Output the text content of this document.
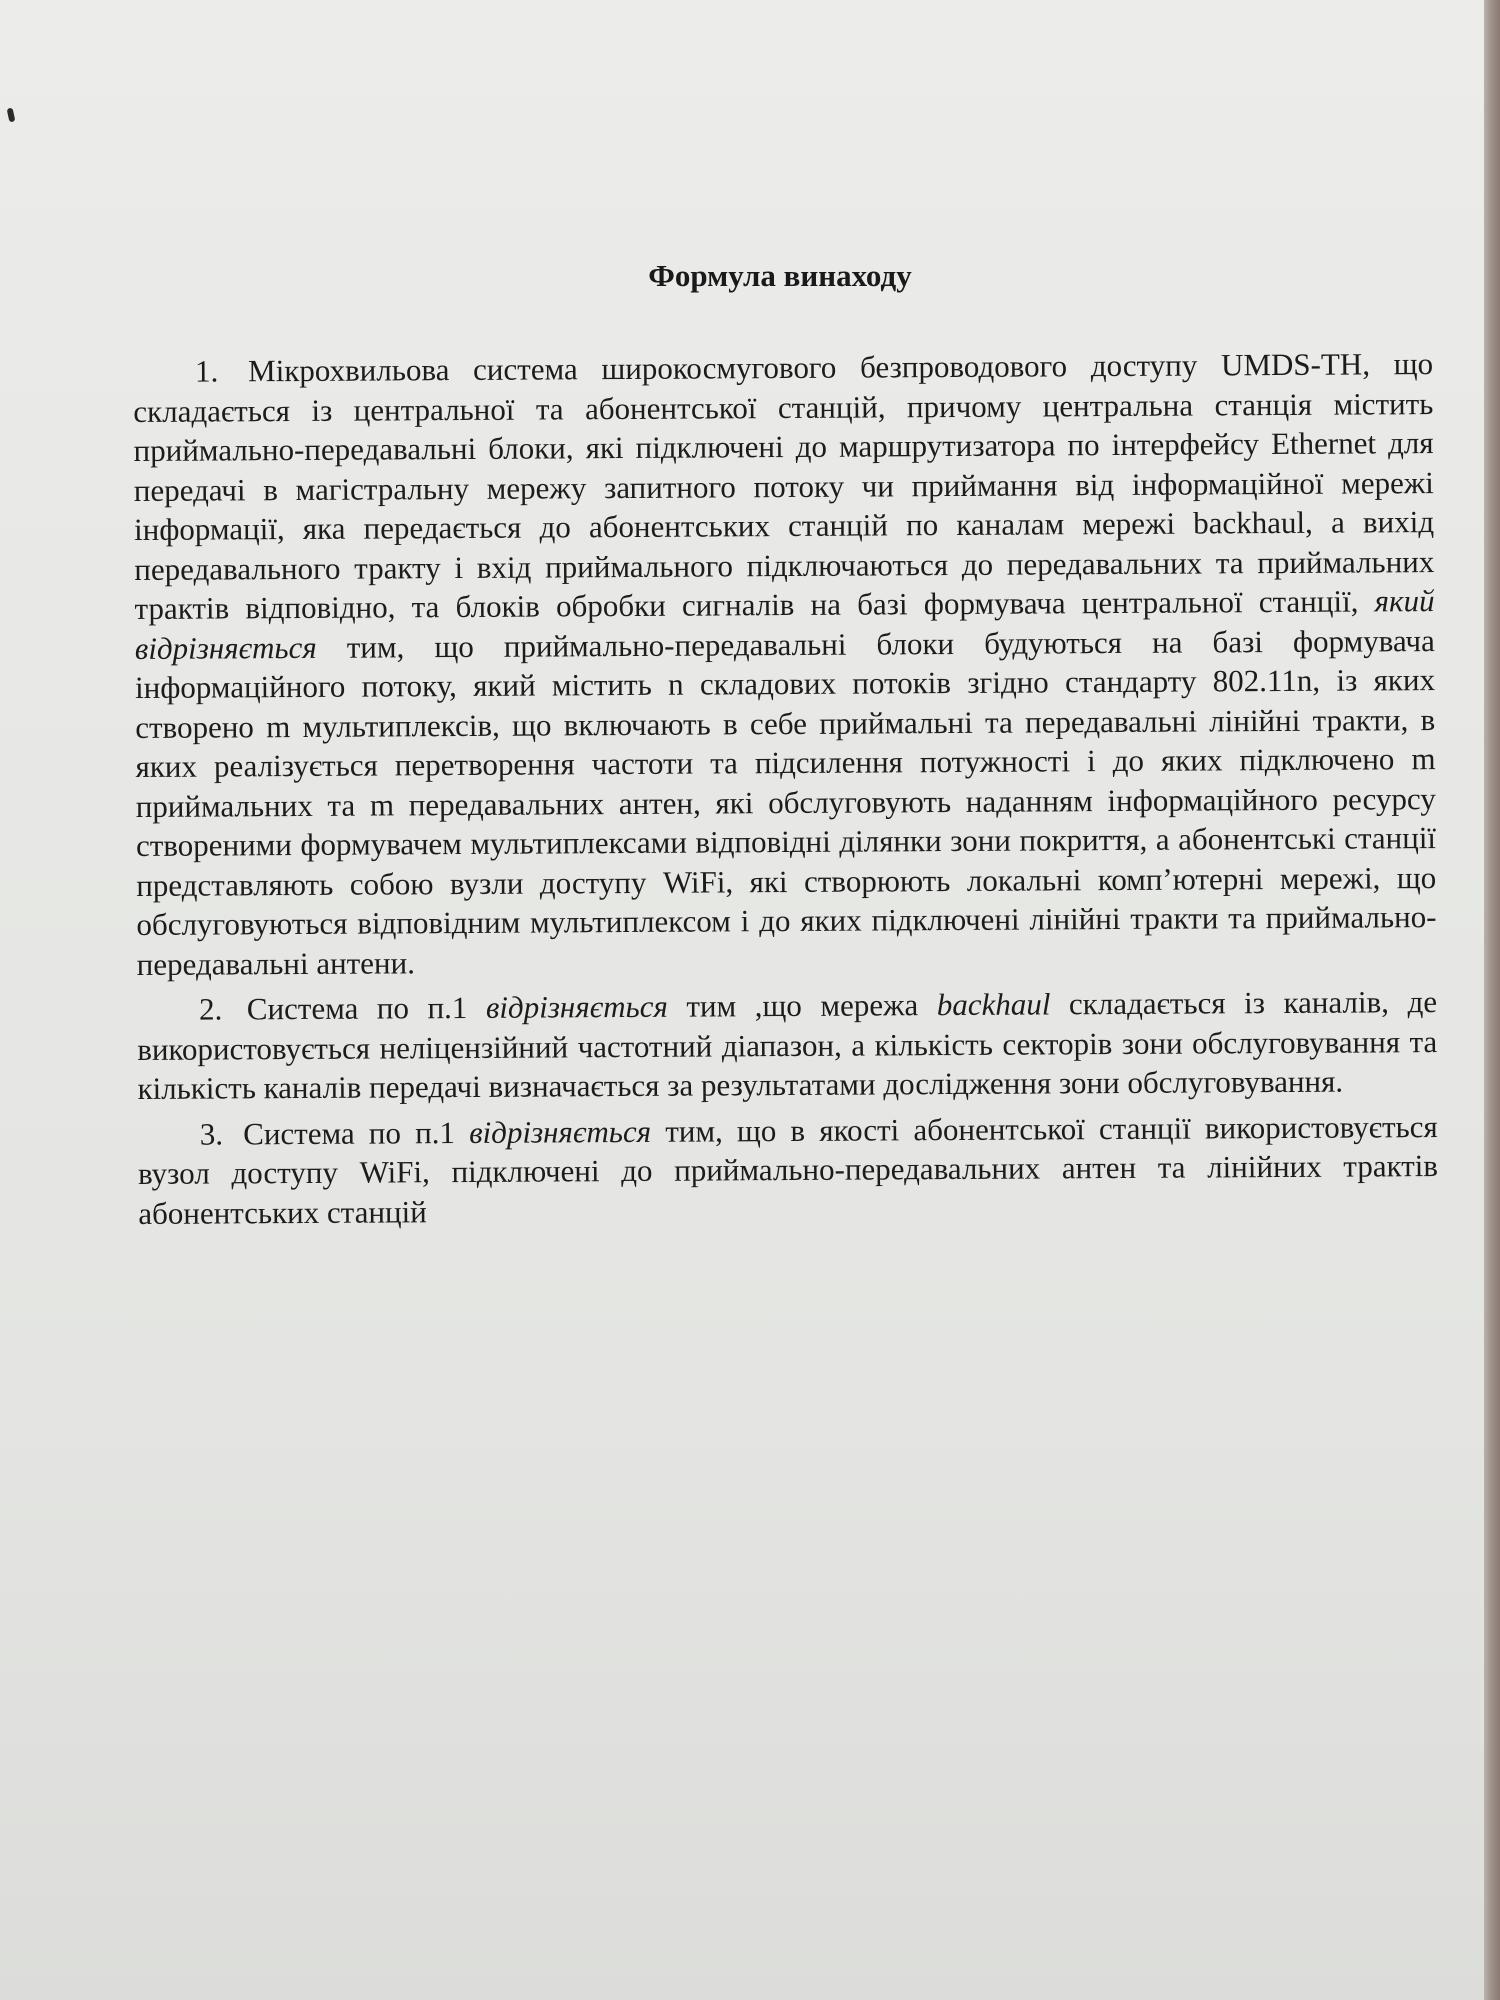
Формула винаходу

1. Мікрохвильова система широкосмугового безпроводового доступу UMDS-TH, що складається із центральної та абонентської станцій, причому центральна станція містить приймально-передавальні блоки, які підключені до маршрутизатора по інтерфейсу Ethernet для передачі в магістральну мережу запитного потоку чи приймання від інформаційної мережі інформації, яка передається до абонентських станцій по каналам мережі backhaul, а вихід передавального тракту і вхід приймального підключаються до передавальних та приймальних трактів відповідно, та блоків обробки сигналів на базі формувача центральної станції, який відрізняється тим, що приймально-передавальні блоки будуються на базі формувача інформаційного потоку, який містить n складових потоків згідно стандарту 802.11n, із яких створено m мультиплексів, що включають в себе приймальні та передавальні лінійні тракти, в яких реалізується перетворення частоти та підсилення потужності і до яких підключено m приймальних та m передавальних антен, які обслуговують наданням інформаційного ресурсу створеними формувачем мультиплексами відповідні ділянки зони покриття, а абонентські станції представляють собою вузли доступу WiFi, які створюють локальні комп’ютерні мережі, що обслуговуються відповідним мультиплексом і до яких підключені лінійні тракти та приймально-передавальні антени.

2. Система по п.1 відрізняється тим ,що мережа backhaul складається із каналів, де використовується неліцензійний частотний діапазон, а кількість секторів зони обслуговування та кількість каналів передачі визначається за результатами дослідження зони обслуговування.

3. Система по п.1 відрізняється тим, що в якості абонентської станції використовується вузол доступу WiFi, підключені до приймально-передавальних антен та лінійних трактів абонентських станцій
